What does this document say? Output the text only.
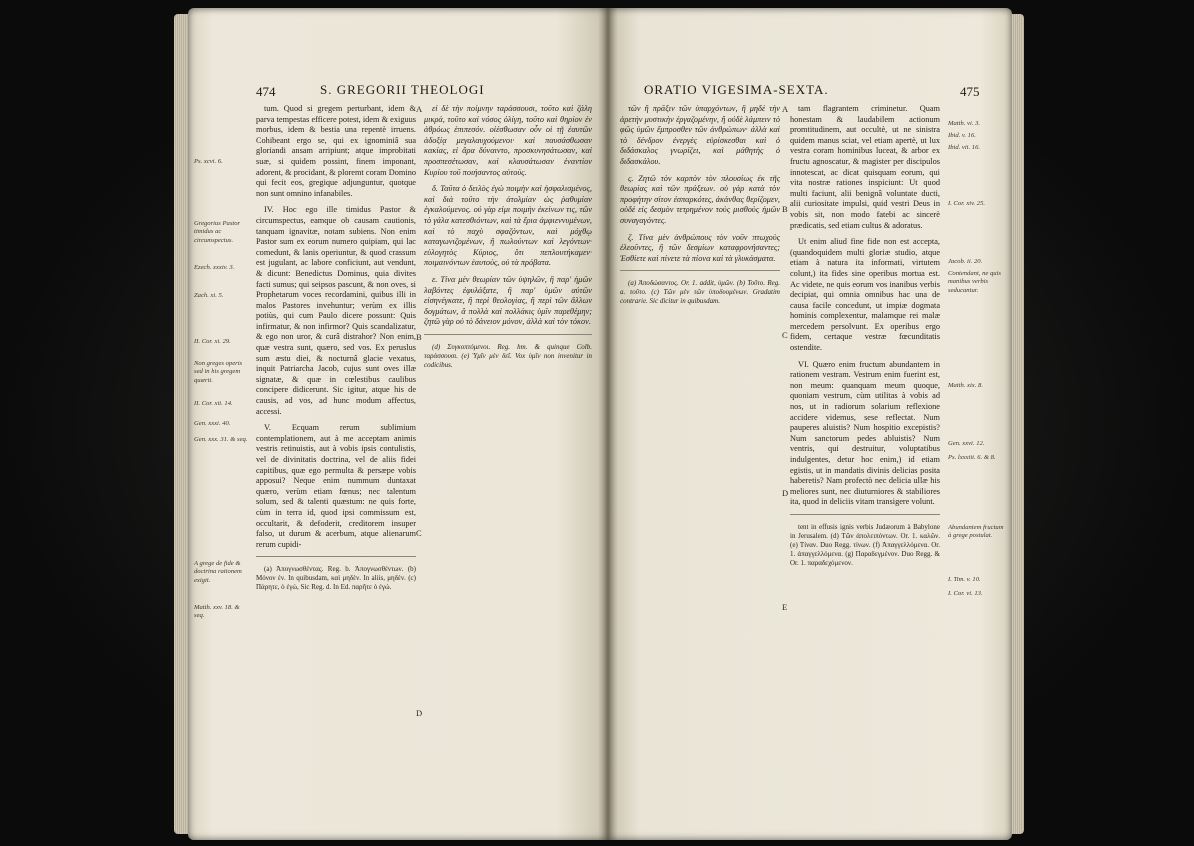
474	S. GREGORII THEOLOGI

tum. Quod si gregem perturbant, idem & parva tempestas efficere potest, idem & exiguus morbus, idem & bestia una repentè irruens. Cohibeant ergo se, qui ex ignominiâ sua gloriandi ansam arripiunt; atque improbitati suæ, si quidem possint, finem imponant, adorent, & procidant, & ploremt coram Domino qui fecit eos, gregique adjunguntur, quotque non sunt omnino infanabiles.

IV. Hoc ego ille timidus Pastor & circumspectus, eamque ob causam cautionis, tanquam ignavitæ, notam subiens. Non enim Pastor sum ex eorum numero quipiam, qui lac comedunt, & lanis operiuntur, & quod crassum est jugulant, ac labore conficiunt, aut vendunt, & dicunt: Benedictus Dominus, quia divites facti sumus; qui seipsos pascunt, & non oves, si Prophetarum voces recordamini, quibus illi in malos Pastores invehuntur; verùm ex illis potiùs, qui cum Paulo dicere possunt: Quis infirmatur, & non infirmor? Quis scandalizatur, & ego non uror, & curâ distrahor? Non enim, quæ vestra sunt, quæro, sed vos. Ex peruslus sum æstu diei, & nocturnâ glacie vexatus, inquit Patriarcha Jacob, cujus sunt oves illæ signatæ, & quæ in cœlestibus caulibus concipere didicerunt. Sic igitur, atque his de causis, ad vos, ad hunc modum affectus, accessi.

V. Ecquam rerum sublimium contemplationem, aut à me acceptam animis vestris retinuistis, aut à vobis ipsis contulistis, vel de divinitatis doctrina, vel de aliis fidei capitibus, quæ ego permulta & persæpe vobis apposui? Neque enim nummum duntaxat quæro, verùm etiam fœnus; nec talentum solum, sed & talenti quæstum: ne quis forte, cùm in terra id, quod ipsi commissum est, occultarit, & defoderit, creditorem insuper falso, ut durum & acerbum, atque alienarum rerum cupidi-

(a) Ἀπογνωσθέντας. Reg. b. Ἀπογνωσθέντων. (b) Μόνον ἐν. In quibusdam, καὶ μηδὲν. In aliis, μηδὲν. (c) Πάρητε, ὁ ἐγώ, Sic Reg. d. In Ed. παρῆτε ὁ ἐγώ.

εἰ δὲ τὴν ποίμνην ταράσσουσι, τοῦτο καὶ ζάλη μικρά, τοῦτο καὶ νόσος ὀλίγη, τοῦτο καὶ θηρίον ἐν ἀθρόως ἐπιπεσόν. οἰέσθωσαν οὖν οἱ τῇ ἑαυτῶν ἀδοξίᾳ μεγαλαυχούμενοι· καὶ παυσάσθωσαν κακίας, εἰ ἄρα δύναιντο, προσκυνησάτωσαν, καὶ προσπεσέτωσαν, καὶ κλαυσάτωσαν ἐναντίον Κυρίου τοῦ ποιήσαντος αὐτούς.

δ. Ταῦτα ὁ δειλὸς ἐγὼ ποιμὴν καὶ ἠσφαλισμένος, καὶ διὰ τοῦτο τὴν ἀτολμίαν ὡς ῥαθυμίαν ἐγκαλούμενος. οὐ γὰρ εἰμι ποιμὴν ἐκείνων τις, τῶν τὸ γάλα κατεσθιόντων, καὶ τὰ ἔρια ἀμφιεννυμένων, καὶ τὸ παχὺ σφαζόντων, καὶ μόχθῳ καταγωνιζομένων, ἢ πωλούντων καὶ λεγόντων· εὐλογητὸς Κύριος, ὅτι πεπλουτήκαμεν· ποιμαινόντων ἑαυτούς, οὐ τὰ πρόβατα.

ε. Τίνα μὲν θεωρίαν τῶν ὑψηλῶν, ἢ παρ' ἡμῶν λαβόντες ἐφυλάξατε, ἢ παρ' ὑμῶν αὐτῶν εἰσηνέγκατε, ἢ περὶ θεολογίας, ἢ περὶ τῶν ἄλλων δογμάτων, ἃ πολλὰ καὶ πολλάκις ὑμῖν παρεθέμην; ζητῶ γὰρ οὐ τὸ δάνειον μόνον, ἀλλὰ καὶ τὸν τόκον.

(d) Συγκοπτόμενοι. Reg. hm. & quinque Colb. ταράσσουσι. (e) Ὑμῖν μὲν δεῖ. Vox ὑμῖν non invenitur in codicibus.

Ps. xcvi. 6.
Gregorius Pastor timidus ac circumspectus.
Ezech. xxxiv. 3.
Zach. xi. 5.
II. Cor. xi. 29.
Non greges operis sed in his gregem quærit.
II. Cor. xii. 14.
Gen. xxxi. 40.
Gen. xxx. 31. & seq.
A grege de fide & doctrina rationem exigit.
Matth. xxv. 18. & seq.
A
B
C
D
ORATIO VIGESIMA-SEXTA.	475

τῶν ἢ πρᾶξιν τῶν ὑπαρχόντων, ἢ μηδὲ τὴν ἀρετὴν μυστικὴν ἐργαζομένην, ἢ οὐδὲ λάμπειν τὸ φῶς ὑμῶν ἔμπροσθεν τῶν ἀνθρώπων· ἀλλὰ καὶ τὸ δένδρον ἐνεργὲς εὑρίσκεσθαι καὶ ὁ διδάσκαλος γνωρίζει, καὶ μάθητὴς ὁ διδασκάλου.

ς. Ζητῶ τὸν καρπὸν τὸν πλουσίως ἐκ τῆς θεωρίας καὶ τῶν πράξεων. οὐ γὰρ κατὰ τὸν προφήτην σίτον ἐσπαρκότες, ἀκάνθας θερίζομεν, οὐδὲ εἰς δεσμὸν τετρημένον τοὺς μισθοὺς ἡμῶν συναγαγόντες.

ζ. Τίνα μὲν ἀνθρώπους τὸν νοῦν πτωχοὺς ἐλεοῦντες, ἢ τῶν δεσμίων καταφρονήσαντες; Ἐσθίετε καὶ πίνετε τὰ πίονα καὶ τὰ γλυκάσματα.

(a) Ἀποδώσαντος. Or. 1. addit, ὑμῶν. (b) Τοῦτο. Reg. a. τοῦτο. (c) Τῶν μὲν τῶν ὑποδυομένων. Gradatim contrarie. Sic dicitur in quibusdam.

tam flagrantem criminetur. Quam honestam & laudabilem actionum promtitudinem, aut occultè, ut ne sinistra quidem manus sciat, vel etiam apertè, ut lux vestra coram hominibus luceat, & arbor ex fructu agnoscatur, & magister per discipulos innotescat, ac dicat quisquam eorum, qui vita nostræ rationes inspiciunt: Ut quod multi faciunt, alii benignâ voluntate ducti, alii curiositate impulsi, quid vestri Deus in vobis sit, non modo fatebi ac sincerè prædicatis, sed etiam cultus & adoratus.

Ut enim aliud fine fide non est accepta, (quandoquidem multi gloriæ studio, atque etiam à natura ita informati, virtutem colunt,) ita fides sine operibus mortua est. Ac videte, ne quis eorum vos inanibus verbis decipiat, qui omnia omnibus hac una de causa facile concedunt, ut impiæ dogmata hominis complexentur, malamque rei malæ mercedem persolvunt. Ex operibus ergo fidem, certaque vestræ fœcunditatis ostendite.

VI. Quæro enim fructum abundantem in rationem vestram. Vestrum enim fuerint est, non meum: quanquam meum quoque, quoniam vestrum, cùm utilitas à vobis ad nos, ut in radiorum solarium reflexione accidere videmus, sese reflectat. Num pauperes aluistis? Num hospitio excepistis? Num sanctorum pedes abluistis? Num ventris, qui destruitur, voluptatibus indulgentes, detur hoc enim,) id etiam egistis, ut in mandatis divinis delicias posita haberetis? Nam profectò nec delicia ullæ his meliores sunt, nec diuturniores & stabiliores ita, quod in deliciis vitam transigere volunt.

tent in effusis ignis verbis Judæorum à Babylone in Jerusalem. (d) Τῶν ἀπολειπόντων. Or. 1. καλῶν. (e) Τίναν. Duo Regg. τίνων. (f) Ἀπαγγελλόμενα. Or. 1. ἀπαγγελλόμενα. (g) Παραδεγμένον. Duo Regg. & Or. 1. παραδεχόμενον.

A
B
C
D
E
Matth. vi. 3.
Ibid. v. 16.
Ibid. vii. 16.
I. Cor. xiv. 25.
Jacob. ii. 20.
Contendant, ne quis manibus verbis seducantur.
Matth. xix. 8.
Gen. xxvi. 12.
Ps. lxxxiii. 6. & 8.
Abundantem fructum à grege postulat.
I. Tim. v. 10.
I. Cor. vi. 13.
